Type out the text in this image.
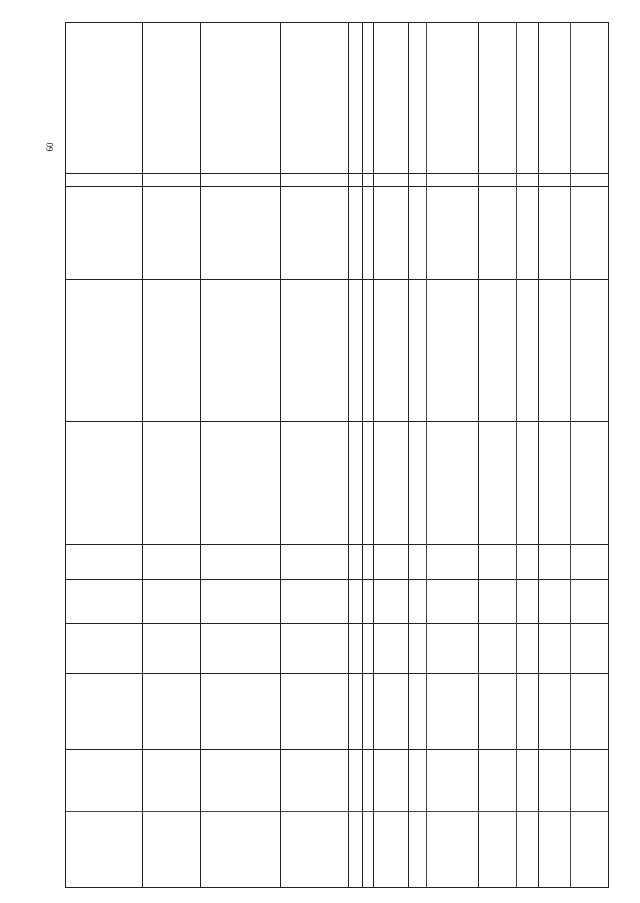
60
